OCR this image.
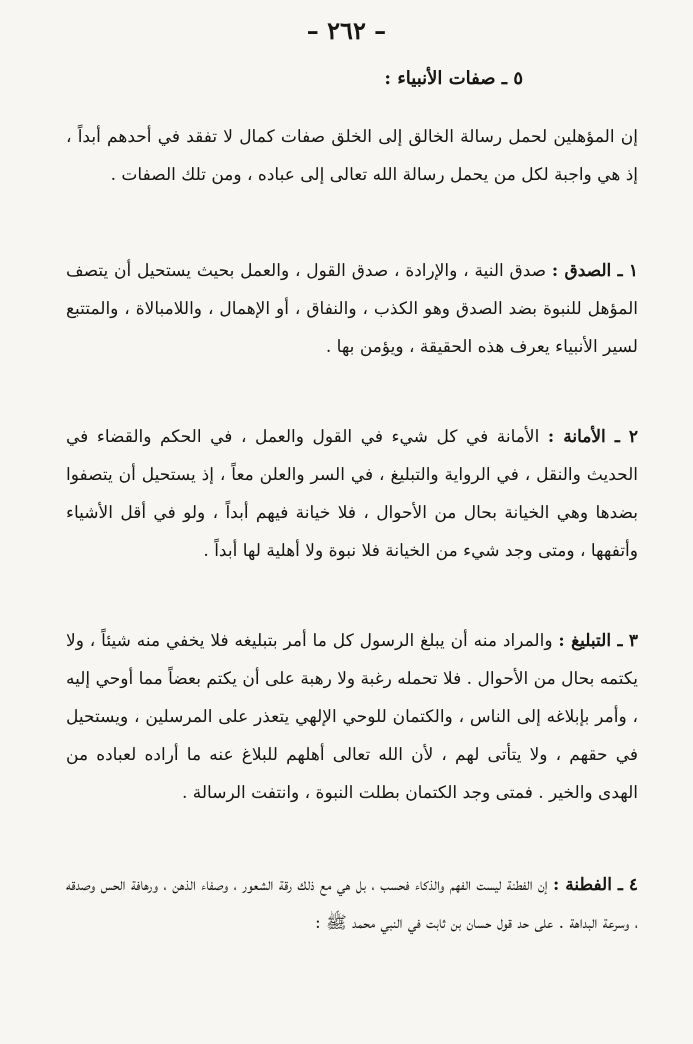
– ٢٦٢ –
٥ ـ صفات الأنبياء :

إن المؤهلين لحمل رسالة الخالق إلى الخلق صفات كمال لا تفقد في أحدهم أبداً ، إذ هي واجبة لكل من يحمل رسالة الله تعالى إلى عباده ، ومن تلك الصفات .

١ ـ الصدق : صدق النية ، والإرادة ، صدق القول ، والعمل بحيث يستحيل أن يتصف المؤهل للنبوة بضد الصدق وهو الكذب ، والنفاق ، أو الإهمال ، واللامبالاة ، والمتتبع لسير الأنبياء يعرف هذه الحقيقة ، ويؤمن بها .

٢ ـ الأمانة : الأمانة في كل شيء في القول والعمل ، في الحكم والقضاء في الحديث والنقل ، في الرواية والتبليغ ، في السر والعلن معاً ، إذ يستحيل أن يتصفوا بضدها وهي الخيانة بحال من الأحوال ، فلا خيانة فيهم أبداً ، ولو في أقل الأشياء وأتفهها ، ومتى وجد شيء من الخيانة فلا نبوة ولا أهلية لها أبداً .

٣ ـ التبليغ : والمراد منه أن يبلغ الرسول كل ما أمر بتبليغه فلا يخفي منه شيئاً ، ولا يكتمه بحال من الأحوال . فلا تحمله رغبة ولا رهبة على أن يكتم بعضاً مما أوحي إليه ، وأمر بإبلاغه إلى الناس ، والكتمان للوحي الإلهي يتعذر على المرسلين ، ويستحيل في حقهم ، ولا يتأتى لهم ، لأن الله تعالى أهلهم للبلاغ عنه ما أراده لعباده من الهدى والخير . فمتى وجد الكتمان بطلت النبوة ، وانتفت الرسالة .

٤ ـ الفطنة : إن الفطنة ليست الفهم والذكاء فحسب ، بل هي مع ذلك رقة الشعور ، وصفاء الذهن ، ورهافة الحس وصدقه ، وسرعة البداهة . على حد قول حسان بن ثابت في النبي محمد ﷺ :
